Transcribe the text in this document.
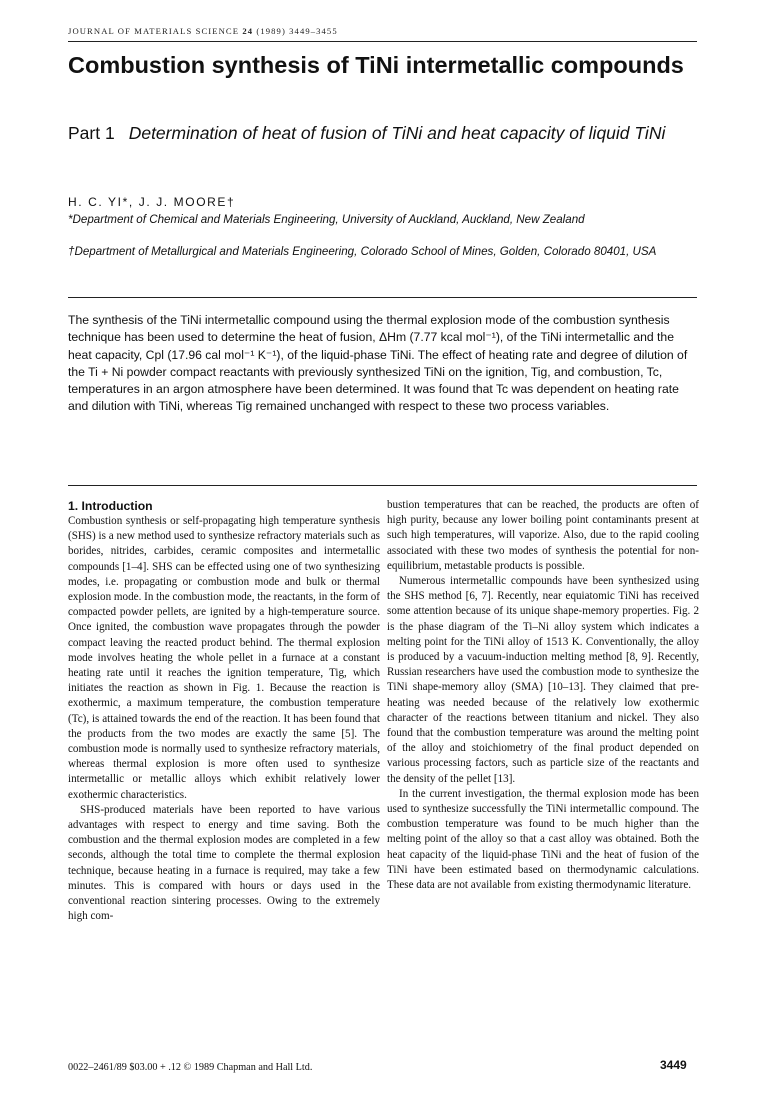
JOURNAL OF MATERIALS SCIENCE 24 (1989) 3449–3455
Combustion synthesis of TiNi intermetallic compounds
Part 1 Determination of heat of fusion of TiNi and heat capacity of liquid TiNi
H. C. YI*, J. J. MOORE†
*Department of Chemical and Materials Engineering, University of Auckland, Auckland, New Zealand
†Department of Metallurgical and Materials Engineering, Colorado School of Mines, Golden, Colorado 80401, USA

The synthesis of the TiNi intermetallic compound using the thermal explosion mode of the combustion synthesis technique has been used to determine the heat of fusion, ΔHm (7.77 kcal mol⁻¹), of the TiNi intermetallic and the heat capacity, Cpl (17.96 cal mol⁻¹ K⁻¹), of the liquid-phase TiNi. The effect of heating rate and degree of dilution of the Ti + Ni powder compact reactants with previously synthesized TiNi on the ignition, Tig, and combustion, Tc, temperatures in an argon atmosphere have been determined. It was found that Tc was dependent on heating rate and dilution with TiNi, whereas Tig remained unchanged with respect to these two process variables.

1. Introduction

Combustion synthesis or self-propagating high temperature synthesis (SHS) is a new method used to synthesize refractory materials such as borides, nitrides, carbides, ceramic composites and intermetallic compounds [1–4]. SHS can be effected using one of two synthesizing modes, i.e. propagating or combustion mode and bulk or thermal explosion mode. In the combustion mode, the reactants, in the form of compacted powder pellets, are ignited by a high-temperature source. Once ignited, the combustion wave propagates through the powder compact leaving the reacted product behind. The thermal explosion mode involves heating the whole pellet in a furnace at a constant heating rate until it reaches the ignition temperature, Tig, which initiates the reaction as shown in Fig. 1. Because the reaction is exothermic, a maximum temperature, the combustion temperature (Tc), is attained towards the end of the reaction. It has been found that the products from the two modes are exactly the same [5]. The combustion mode is normally used to synthesize refractory materials, whereas thermal explosion is more often used to synthesize intermetallic or metallic alloys which exhibit relatively lower exothermic characteristics.

SHS-produced materials have been reported to have various advantages with respect to energy and time saving. Both the combustion and the thermal explosion modes are completed in a few seconds, although the total time to complete the thermal explosion technique, because heating in a furnace is required, may take a few minutes. This is compared with hours or days used in the conventional reaction sintering processes. Owing to the extremely high com-

bustion temperatures that can be reached, the products are often of high purity, because any lower boiling point contaminants present at such high temperatures, will vaporize. Also, due to the rapid cooling associated with these two modes of synthesis the potential for non-equilibrium, metastable products is possible.

Numerous intermetallic compounds have been synthesized using the SHS method [6, 7]. Recently, near equiatomic TiNi has received some attention because of its unique shape-memory properties. Fig. 2 is the phase diagram of the Ti–Ni alloy system which indicates a melting point for the TiNi alloy of 1513 K. Conventionally, the alloy is produced by a vacuum-induction melting method [8, 9]. Recently, Russian researchers have used the combustion mode to synthesize the TiNi shape-memory alloy (SMA) [10–13]. They claimed that pre-heating was needed because of the relatively low exothermic character of the reactions between titanium and nickel. They also found that the combustion temperature was around the melting point of the alloy and stoichiometry of the final product depended on various processing factors, such as particle size of the reactants and the density of the pellet [13].

In the current investigation, the thermal explosion mode has been used to synthesize successfully the TiNi intermetallic compound. The combustion temperature was found to be much higher than the melting point of the alloy so that a cast alloy was obtained. Both the heat capacity of the liquid-phase TiNi and the heat of fusion of the TiNi have been estimated based on thermodynamic calculations. These data are not available from existing thermodynamic literature.

0022–2461/89 $03.00 + .12 © 1989 Chapman and Hall Ltd.	3449
